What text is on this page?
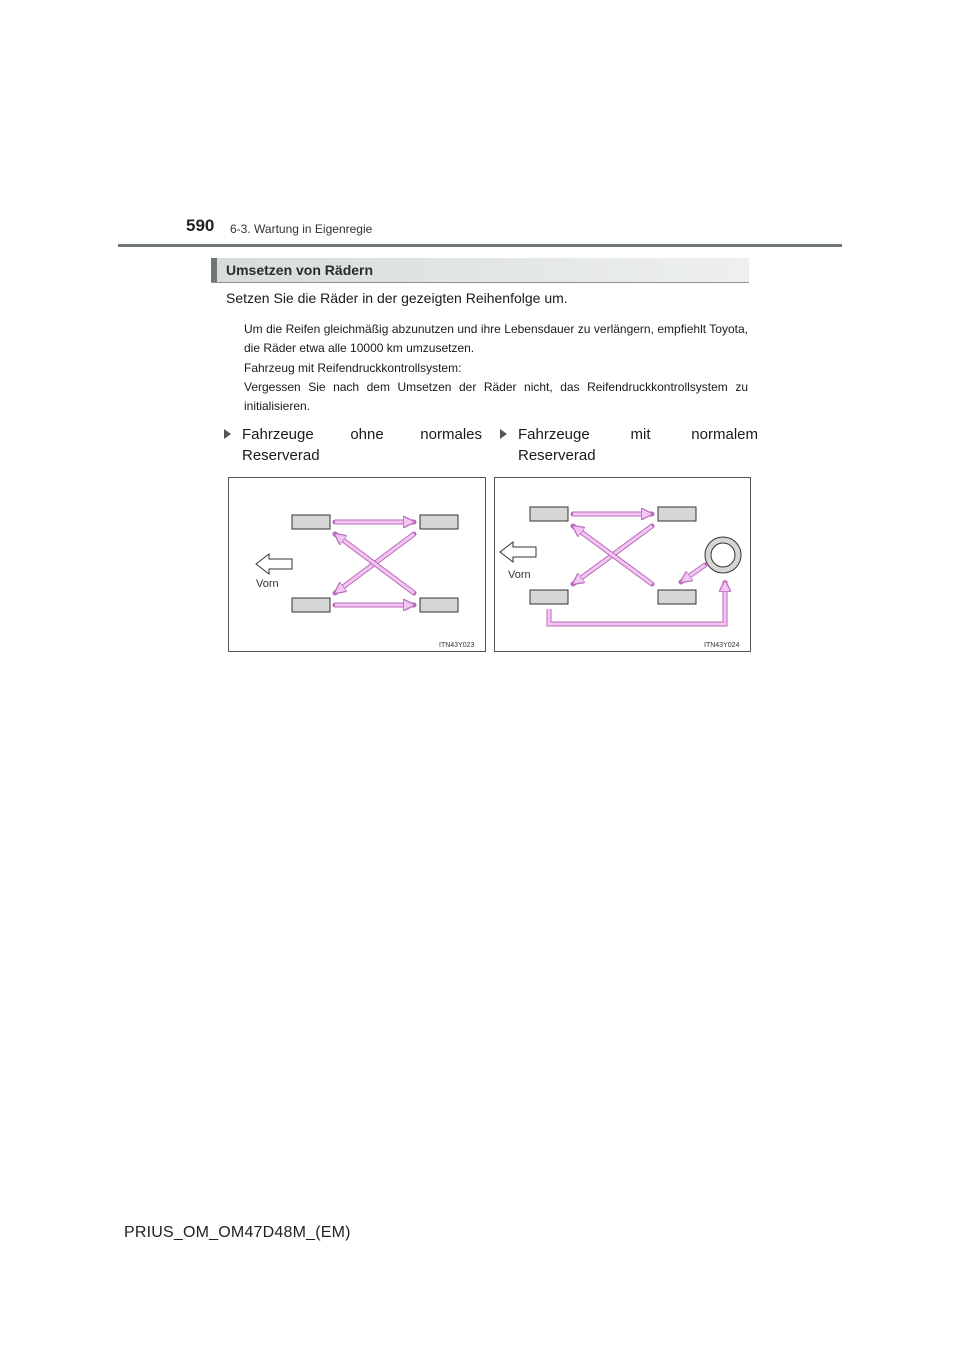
590 6-3. Wartung in Eigenregie
Umsetzen von Rädern
Setzen Sie die Räder in der gezeigten Reihenfolge um.
Um die Reifen gleichmäßig abzunutzen und ihre Lebensdauer zu verlängern, empfiehlt Toyota, die Räder etwa alle 10000 km umzusetzen.
Fahrzeug mit Reifendruckkontrollsystem:
Vergessen Sie nach dem Umsetzen der Räder nicht, das Reifendruckkontrollsystem zu initialisieren.
Fahrzeuge ohne normales Reserverad
Fahrzeuge mit normalem Reserverad
Vorn
ITN43Y023
Vorn
ITN43Y024
PRIUS_OM_OM47D48M_(EM)
